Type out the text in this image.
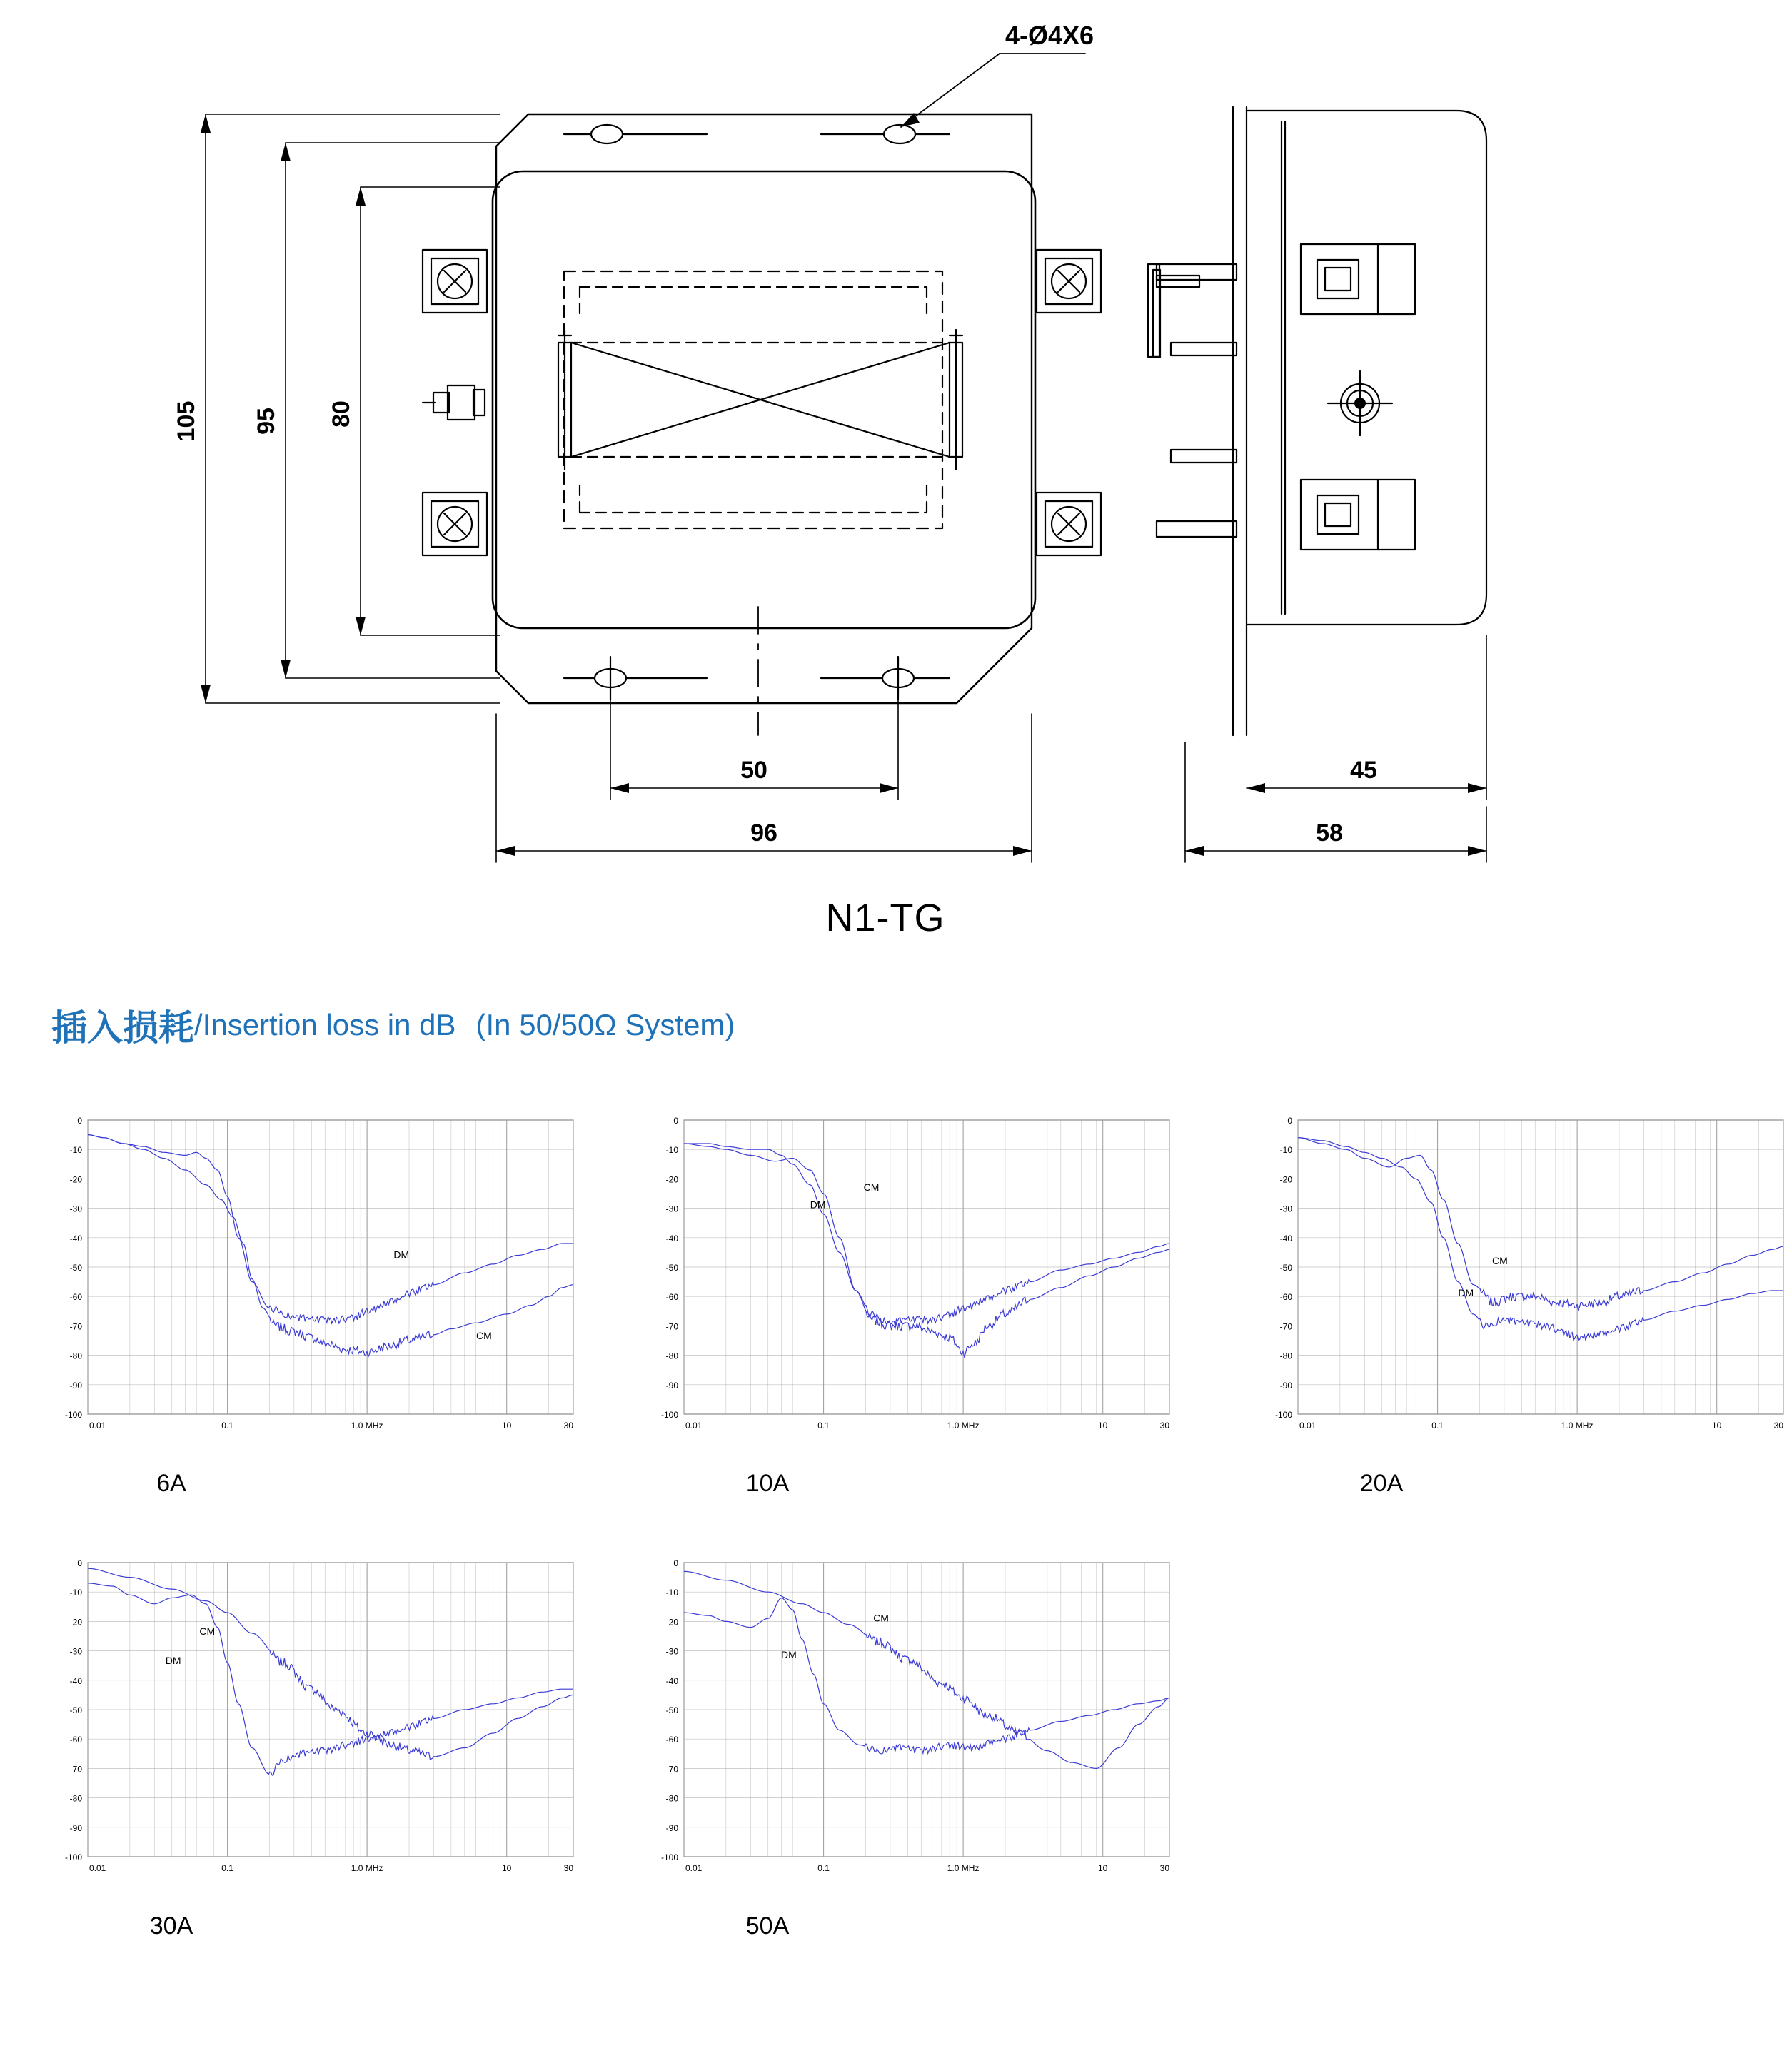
105 95 80
50
96
45
58
4-Ø4X6
N1-TG
插入损耗/Insertion loss in dB (In 50/50Ω System)
0
-10
-20
-30
-40
-50
-60
-70
-80
-90
-100
0.01	0.1	1.0 MHz	10	30
DM
CM
6A
0
-10
-20
-30
-40
-50
-60
-70
-80
-90
-100
0.01	0.1	1.0 MHz	10	30
CM
DM
10A
0
-10
-20
-30
-40
-50
-60
-70
-80
-90
-100
0.01	0.1	1.0 MHz	10	30
CM
DM
20A
0
-10
-20
-30
-40
-50
-60
-70
-80
-90
-100
0.01	0.1	1.0 MHz	10	30
CM
DM
30A
0
-10
-20
-30
-40
-50
-60
-70
-80
-90
-100
0.01	0.1	1.0 MHz	10	30
CM
DM
50A
